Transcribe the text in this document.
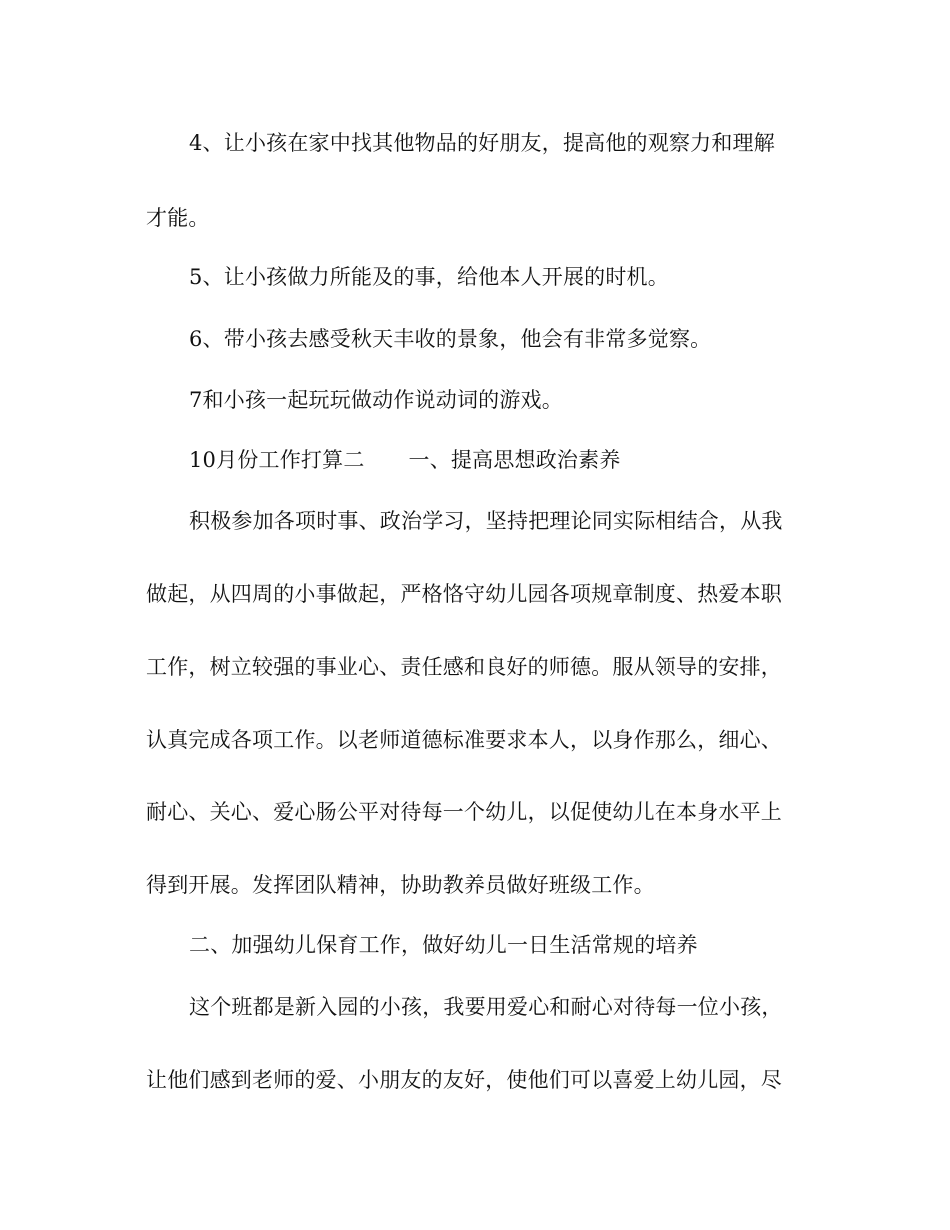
4、让小孩在家中找其他物品的好朋友，提高他的观察力和理解
才能。
5、让小孩做力所能及的事，给他本人开展的时机。
6、带小孩去感受秋天丰收的景象，他会有非常多觉察。
7和小孩一起玩玩做动作说动词的游戏。
10月份工作打算二 一、提高思想政治素养
积极参加各项时事、政治学习，坚持把理论同实际相结合，从我
做起，从四周的小事做起，严格恪守幼儿园各项规章制度、热爱本职
工作，树立较强的事业心、责任感和良好的师德。服从领导的安排，
认真完成各项工作。以老师道德标准要求本人，以身作那么，细心、
耐心、关心、爱心肠公平对待每一个幼儿，以促使幼儿在本身水平上
得到开展。发挥团队精神，协助教养员做好班级工作。
二、加强幼儿保育工作，做好幼儿一日生活常规的培养
这个班都是新入园的小孩，我要用爱心和耐心对待每一位小孩，
让他们感到老师的爱、小朋友的友好，使他们可以喜爱上幼儿园，尽
